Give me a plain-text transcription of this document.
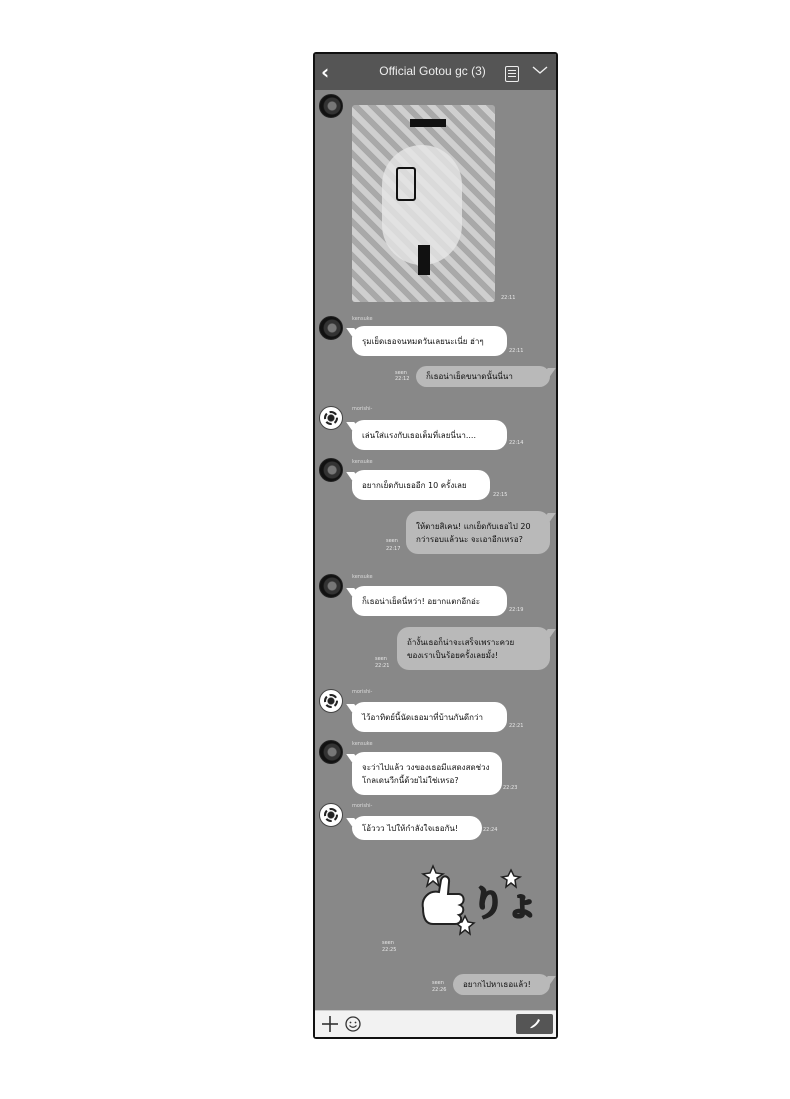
‹	Official Gotou gc (3)
22:11
kensuke
รุมเย็ดเธอจนหมดวันเลยนะเนี่ย ฮ่าๆ
22:11
seen
22:12	ก็เธอน่าเย็ดขนาดนั้นนี่นา
morishi-
เล่นใส่แรงกับเธอเต็มที่เลยนี่นา....
22:14
kensuke
อยากเย็ดกับเธออีก 10 ครั้งเลย
22:15
seen
22:17
ให้ตายสิเคน! แกเย็ดกับเธอไป 20
กว่ารอบแล้วนะ จะเอาอีกเหรอ?
kensuke
ก็เธอน่าเย็ดนี่หว่า! อยากแตกอีกอ่ะ
22:19
seen
22:21
ถ้างั้นเธอก็น่าจะเสร็จเพราะควย
ของเราเป็นร้อยครั้งเลยมั้ง!
morishi-
ไว้อาทิตย์นี้นัดเธอมาที่บ้านกันดีกว่า
22:21
kensuke
จะว่าไปแล้ว วงของเธอมีแสดงสดช่วง
โกลเดนวีกนี้ด้วยไม่ใช่เหรอ?
22:23
morishi-
โอ้ววว ไปให้กำลังใจเธอกัน!	22:24
seen
22:25
りょ
seen
22:26
อยากไปหาเธอแล้ว!
